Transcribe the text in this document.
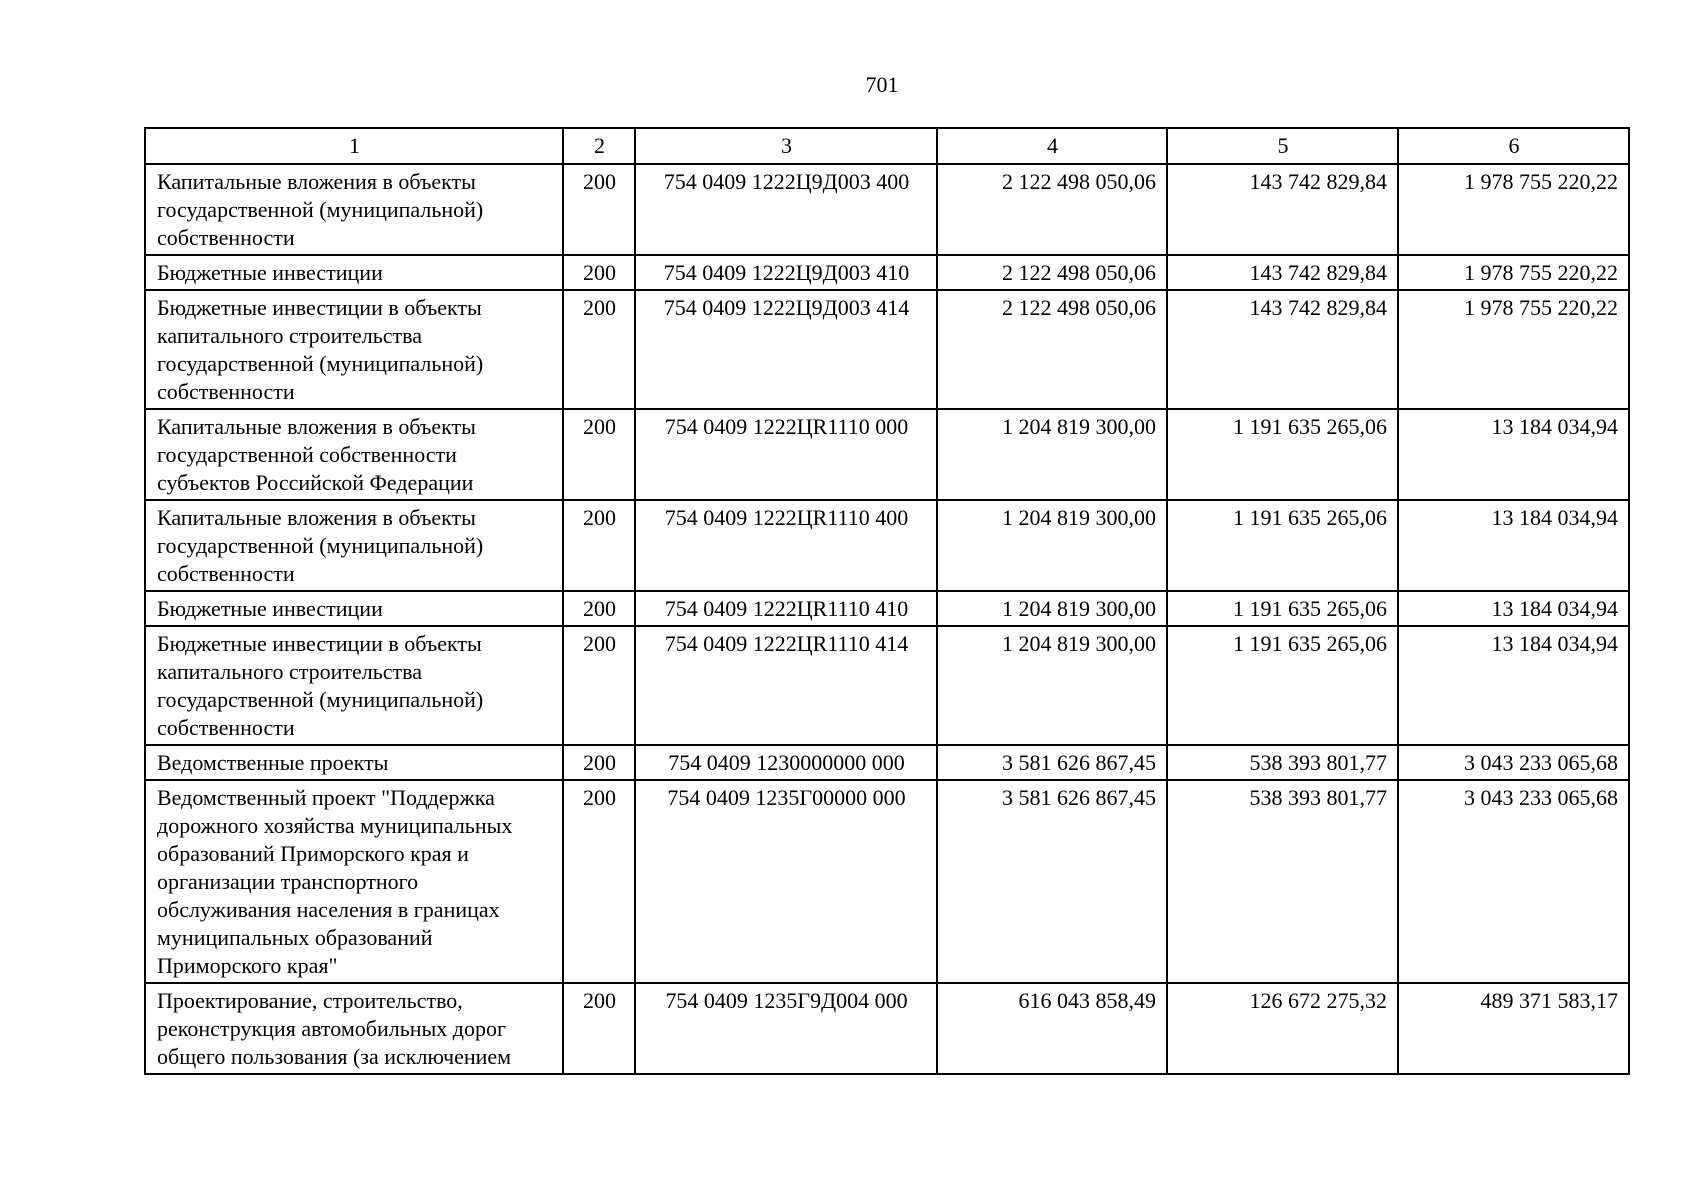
701
1	2	3	4	5	6
Капитальные вложения в объекты государственной (муниципальной) собственности	200	754 0409 1222Ц9Д003 400	2 122 498 050,06	143 742 829,84	1 978 755 220,22
Бюджетные инвестиции	200	754 0409 1222Ц9Д003 410	2 122 498 050,06	143 742 829,84	1 978 755 220,22
Бюджетные инвестиции в объекты капитального строительства государственной (муниципальной) собственности	200	754 0409 1222Ц9Д003 414	2 122 498 050,06	143 742 829,84	1 978 755 220,22
Капитальные вложения в объекты государственной собственности субъектов Российской Федерации	200	754 0409 1222ЦR1110 000	1 204 819 300,00	1 191 635 265,06	13 184 034,94
Капитальные вложения в объекты государственной (муниципальной) собственности	200	754 0409 1222ЦR1110 400	1 204 819 300,00	1 191 635 265,06	13 184 034,94
Бюджетные инвестиции	200	754 0409 1222ЦR1110 410	1 204 819 300,00	1 191 635 265,06	13 184 034,94
Бюджетные инвестиции в объекты капитального строительства государственной (муниципальной) собственности	200	754 0409 1222ЦR1110 414	1 204 819 300,00	1 191 635 265,06	13 184 034,94
Ведомственные проекты	200	754 0409 1230000000 000	3 581 626 867,45	538 393 801,77	3 043 233 065,68
Ведомственный проект "Поддержка дорожного хозяйства муниципальных образований Приморского края и организации транспортного обслуживания населения в границах муниципальных образований Приморского края"	200	754 0409 1235Г00000 000	3 581 626 867,45	538 393 801,77	3 043 233 065,68
Проектирование, строительство, реконструкция автомобильных дорог общего пользования (за исключением	200	754 0409 1235Г9Д004 000	616 043 858,49	126 672 275,32	489 371 583,17
